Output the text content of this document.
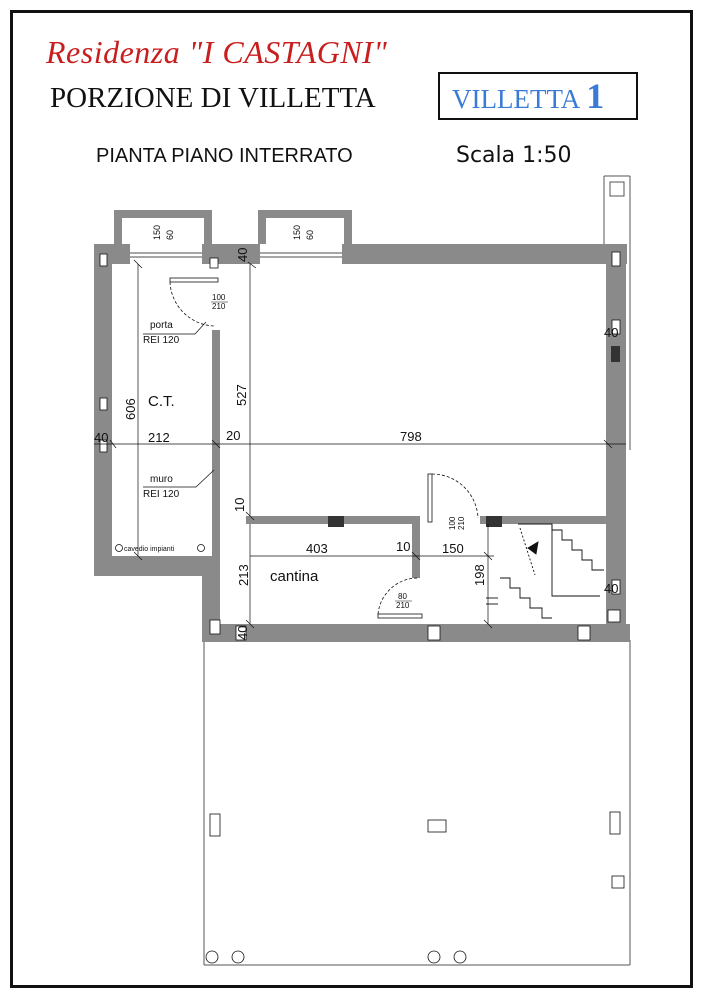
Residenza "I CASTAGNI"
PORZIONE DI VILLETTA	VILLETTA 1
PIANTA PIANO INTERRATO	Scala 1:50
C.T.
cantina
cavedio impianti
porta
REI 120
muro
REI 120
150 60	150 60
100
210
100 210
80
210
40
40
40	212	20	798
606
527
10
403	10 150
213	198
40
40
